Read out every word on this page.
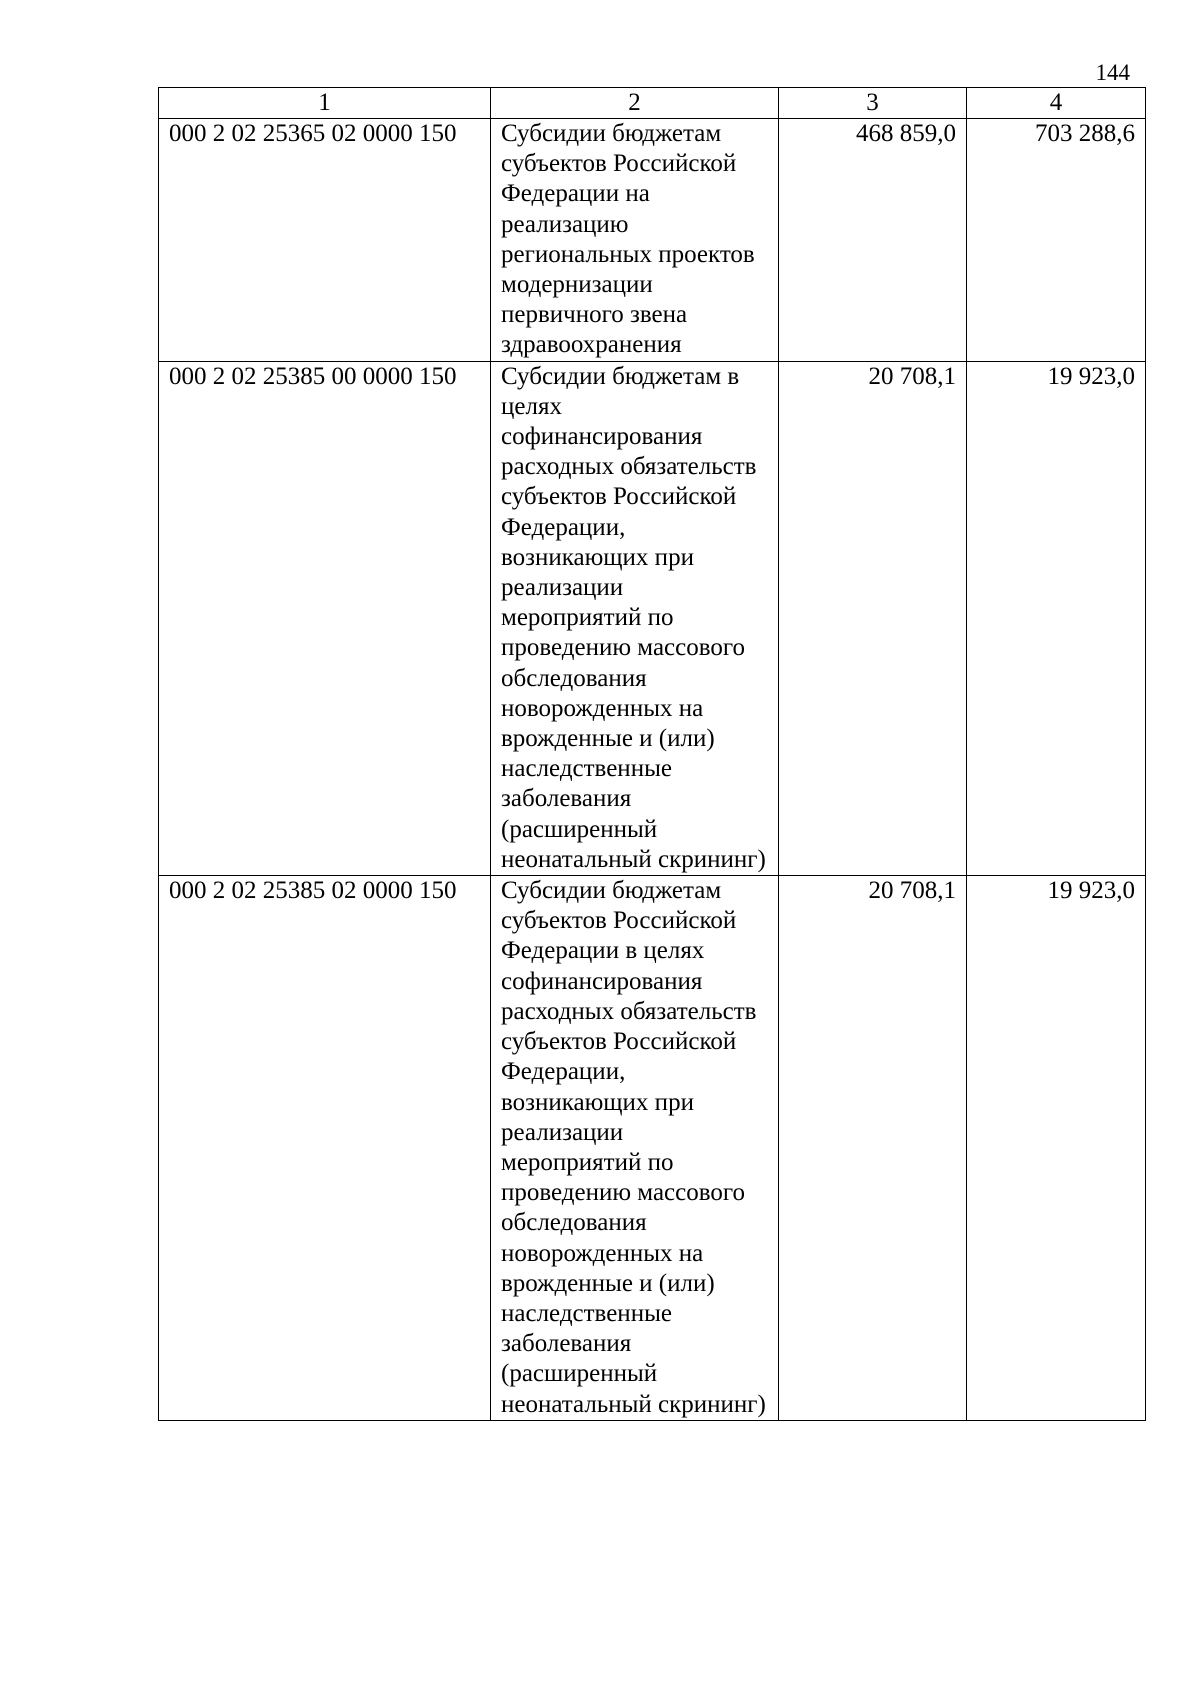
144
1	2	3	4
000 2 02 25365 02 0000 150	Субсидии бюджетам субъектов Российской Федерации на реализацию региональных проектов модернизации первичного звена здравоохранения	468 859,0	703 288,6
000 2 02 25385 00 0000 150	Субсидии бюджетам в целях софинансирования расходных обязательств субъектов Российской Федерации, возникающих при реализации мероприятий по проведению массового обследования новорожденных на врожденные и (или) наследственные заболевания (расширенный неонатальный скрининг)	20 708,1	19 923,0
000 2 02 25385 02 0000 150	Субсидии бюджетам субъектов Российской Федерации в целях софинансирования расходных обязательств субъектов Российской Федерации, возникающих при реализации мероприятий по проведению массового обследования новорожденных на врожденные и (или) наследственные заболевания (расширенный неонатальный скрининг)	20 708,1	19 923,0
